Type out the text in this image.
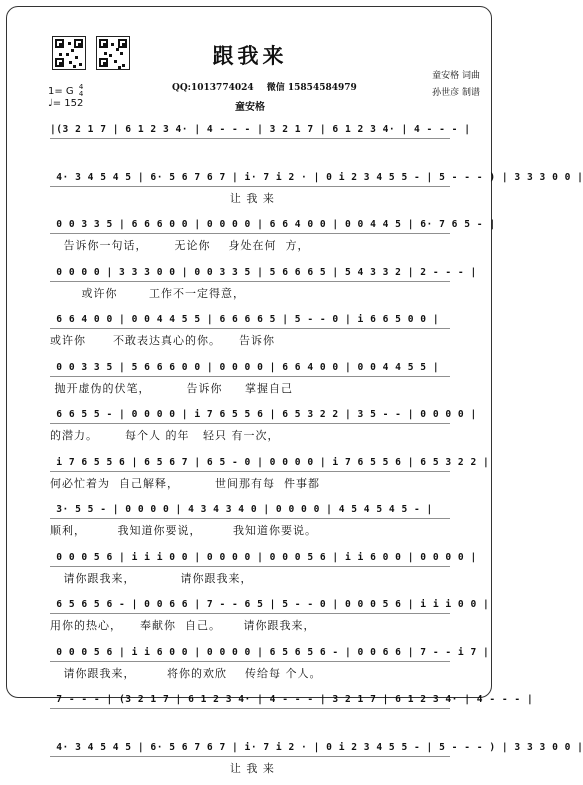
跟我来
QQ:1013774024 微信 15854584979
童安格 词曲
孙世彦 制谱
1= G 4
4
♩= 152	童安格
|(3 2 1 7 | 6 1 2 3 4· | 4 - - - | 3 2 1 7 | 6 1 2 3 4· | 4 - - - |
4· 3 4 5 4 5 | 6· 5 6 7 6 7 | i· 7 i 2 · | 0 i 2 3 4 5 5 - | 5 - - - ) | 3 3 3 0 0 |
让 我 来
0 0 3 3 5 | 6 6 6 0 0 | 0 0 0 0 | 6 6 4 0 0 | 0 0 4 4 5 | 6· 7 6 5 - |
告诉你一句话，      无论你    身处在何  方，
0 0 0 0 | 3 3 3 0 0 | 0 0 3 3 5 | 5 6 6 6 5 | 5 4 3 3 2 | 2 - - - |
或许你       工作不一定得意，
6 6 4 0 0 | 0 0 4 4 5 5 | 6 6 6 6 5 | 5 - - 0 | i 6 6 5 0 0 |
或许你      不敢表达真心的你。    告诉你
0 0 3 3 5 | 5 6 6 6 0 0 | 0 0 0 0 | 6 6 4 0 0 | 0 0 4 4 5 5 |
抛开虚伪的伏笔，        告诉你     掌握自己
6 6 5 5 - | 0 0 0 0 | i 7 6 5 5 6 | 6 5 3 2 2 | 3 5 - - | 0 0 0 0 |
的潜力。      每个人 的年   轻只 有一次，
i 7 6 5 5 6 | 6 5 6 7 | 6 5 - 0 | 0 0 0 0 | i 7 6 5 5 6 | 6 5 3 2 2 |
何必忙着为  自己解释，        世间那有每  件事都
3· 5 5 - | 0 0 0 0 | 4 3 4 3 4 0 | 0 0 0 0 | 4 5 4 5 4 5 - |
顺利，       我知道你要说，       我知道你要说。
0 0 0 5 6 | i i i 0 0 | 0 0 0 0 | 0 0 0 5 6 | i i 6 0 0 | 0 0 0 0 |
请你跟我来，          请你跟我来，
6 5 6 5 6 - | 0 0 6 6 | 7 - - 6 5 | 5 - - 0 | 0 0 0 5 6 | i i i 0 0 |
用你的热心，    奉献你  自己。     请你跟我来，
0 0 0 5 6 | i i 6 0 0 | 0 0 0 0 | 6 5 6 5 6 - | 0 0 6 6 | 7 - - i 7 |
请你跟我来，       将你的欢欣    传给每 个人。
7 - - - | (3 2 1 7 | 6 1 2 3 4· | 4 - - - | 3 2 1 7 | 6 1 2 3 4· | 4 - - - |
4· 3 4 5 4 5 | 6· 5 6 7 6 7 | i· 7 i 2 · | 0 i 2 3 4 5 5 - | 5 - - - ) | 3 3 3 0 0 |
让 我 来
